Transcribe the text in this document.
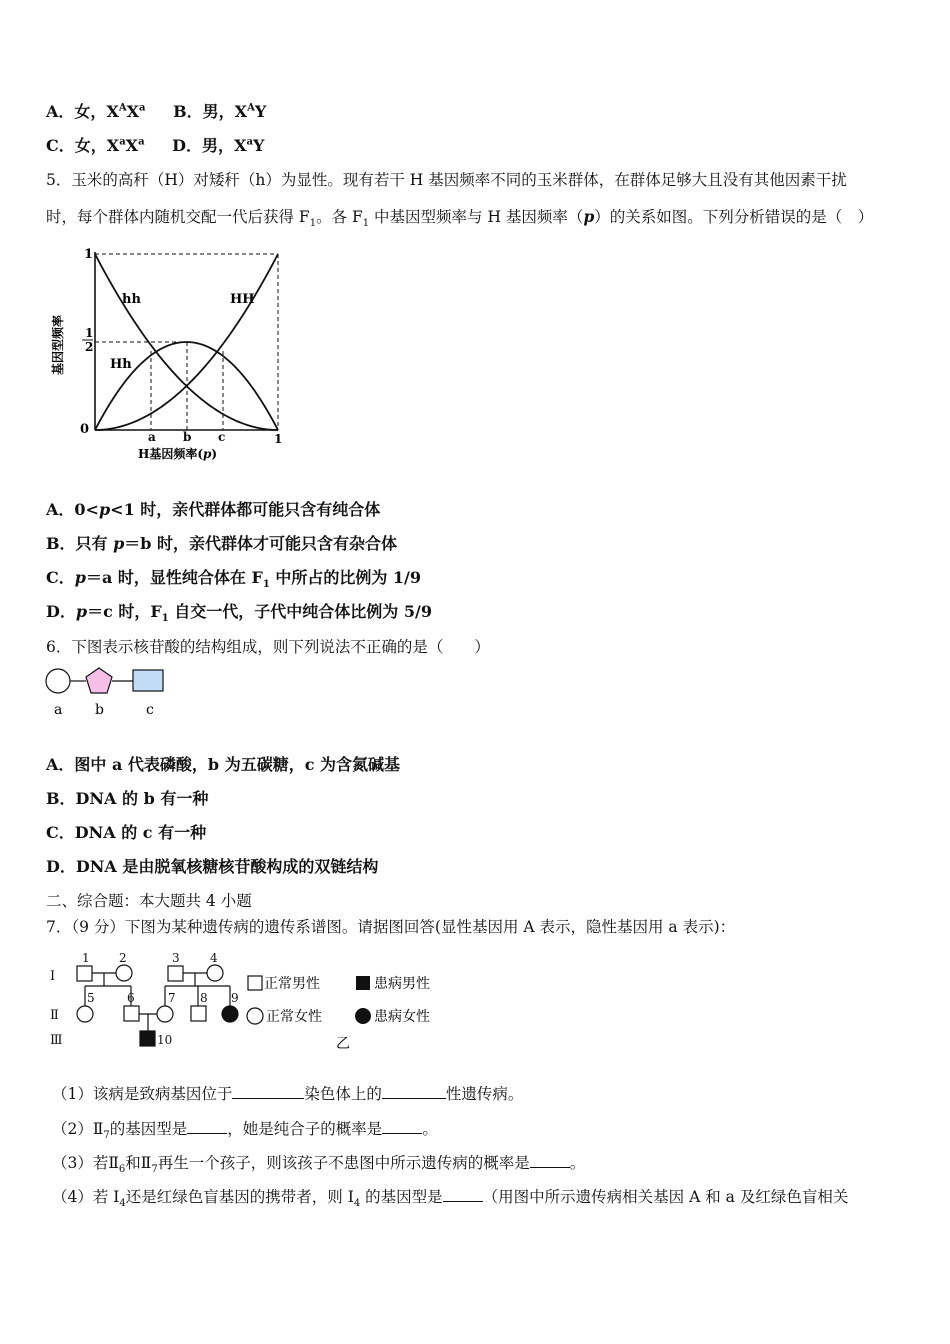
A．女，$X^AX^a$ B．男，$X^AY$
C．女，$X^aX^a$ D．男，$X^aY$
5．玉米的高秆（H）对矮秆（h）为显性。现有若干 H 基因频率不同的玉米群体，在群体足够大且没有其他因素干扰
时，每个群体内随机交配一代后获得 $F_1$。各 $F_1$ 中基因型频率与 H 基因频率（p）的关系如图。下列分析错误的是（　）
基因型频率
1
1
2
0
hh	HH
Hh
a b c	1
H基因频率(p)
A．0<p<1 时，亲代群体都可能只含有纯合体
B．只有 p＝b 时，亲代群体才可能只含有杂合体
C．p＝a 时，显性纯合体在 $F_1$ 中所占的比例为 1/9
D．p＝c 时，$F_1$ 自交一代，子代中纯合体比例为 5/9
6．下图表示核苷酸的结构组成，则下列说法不正确的是（　　）
a b	c
A．图中 a 代表磷酸，b 为五碳糖，c 为含氮碱基
B．DNA 的 b 有一种
C．DNA 的 c 有一种
D．DNA 是由脱氧核糖核苷酸构成的双链结构
二、综合题：本大题共 4 小题
7．（9 分）下图为某种遗传病的遗传系谱图。请据图回答(显性基因用 A 表示，隐性基因用 a 表示)：
I
Ⅱ
Ⅲ
1 2	3	4
5	6	7 8 9
10
正常男性	患病男性
正常女性	患病女性
乙
（1）该病是致病基因位于	染色体上的	性遗传病。
$(2)Ⅱ_7$的基因型是	，她是纯合子的概率是	。
（3）若$Ⅱ_6$和$Ⅱ_7$再生一个孩子，则该孩子不患图中所示遗传病的概率是	。
（4）若 $I_4$还是红绿色盲基因的携带者，则 $I_4$ 的基因型是	（用图中所示遗传病相关基因 A 和 a 及红绿色盲相关
